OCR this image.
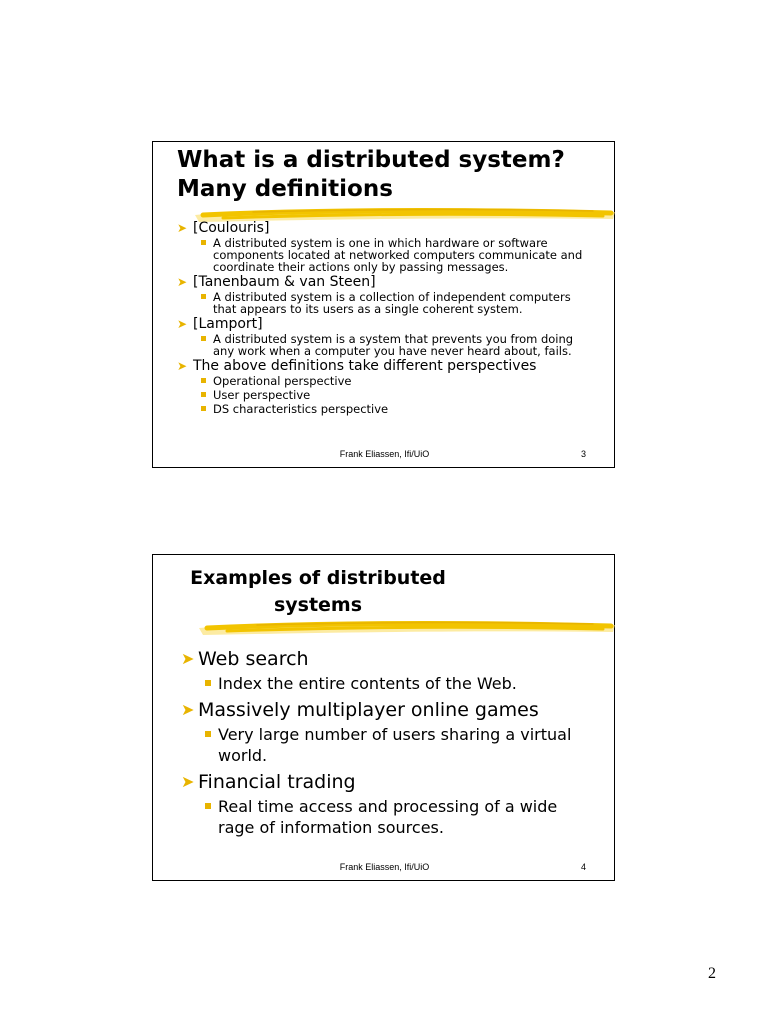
What is a distributed system?
Many definitions
➤ [Coulouris]
A distributed system is one in which hardware or software
components located at networked computers communicate and
coordinate their actions only by passing messages.
➤ [Tanenbaum & van Steen]
A distributed system is a collection of independent computers
that appears to its users as a single coherent system.
➤ [Lamport]
A distributed system is a system that prevents you from doing
any work when a computer you have never heard about, fails.
➤ The above definitions take different perspectives
Operational perspective
User perspective
DS characteristics perspective
Frank Eliassen, Ifi/UiO	3
Examples of distributed
systems
➤ Web search
Index the entire contents of the Web.
➤ Massively multiplayer online games
Very large number of users sharing a virtual
world.
➤ Financial trading
Real time access and processing of a wide
rage of information sources.
Frank Eliassen, Ifi/UiO	4
2
